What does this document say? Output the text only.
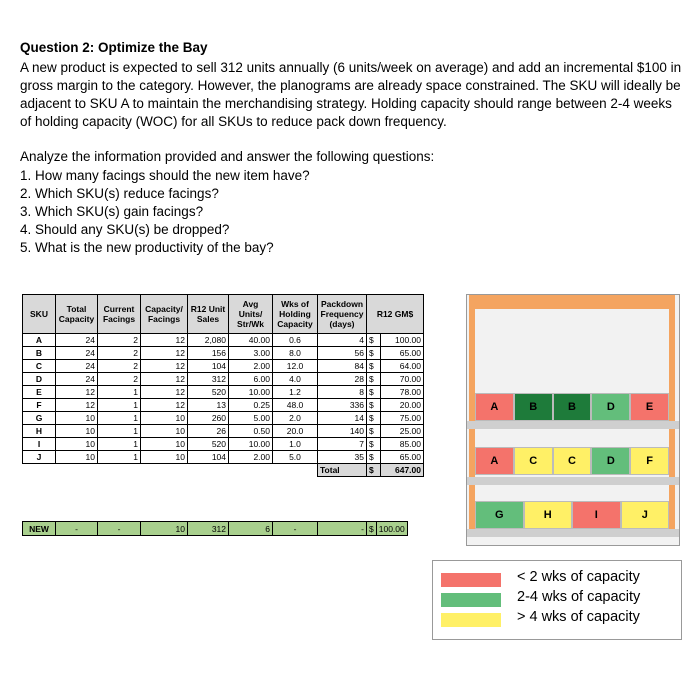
Question 2: Optimize the Bay
A new product is expected to sell 312 units annually (6 units/week on average) and add an incremental $100 in gross margin to the category. However, the planograms are already space constrained. The SKU will ideally be adjacent to SKU A to maintain the merchandising strategy. Holding capacity should range between 2-4 weeks of holding capacity (WOC) for all SKUs to reduce pack down frequency.
Analyze the information provided and answer the following questions:
1. How many facings should the new item have?
2. Which SKU(s) reduce facings?
3. Which SKU(s) gain facings?
4. Should any SKU(s) be dropped?
5. What is the new productivity of the bay?
SKU	Total Capacity	Current Facings	Capacity/ Facings	R12 Unit Sales	Avg Units/ Str/Wk	Wks of Holding Capacity	Packdown Frequency (days)	R12 GM$	
A	24	2	12	2,080	40.00	0.6	4	$	100.00
B	24	2	12	156	3.00	8.0	56	$	65.00
C	24	2	12	104	2.00	12.0	84	$	64.00
D	24	2	12	312	6.00	4.0	28	$	70.00
E	12	1	12	520	10.00	1.2	8	$	78.00
F	12	1	12	13	0.25	48.0	336	$	20.00
G	10	1	10	260	5.00	2.0	14	$	75.00
H	10	1	10	26	0.50	20.0	140	$	25.00
I	10	1	10	520	10.00	1.0	7	$	85.00
J	10	1	10	104	2.00	5.0	35	$	65.00
							Total	$	647.00
NEW	-	-	10	312	6	-	-	$	100.00
A	B	B	D	E
A	C	C	D	F
G	H	I	J
< 2 wks of capacity
2-4 wks of capacity
> 4 wks of capacity
